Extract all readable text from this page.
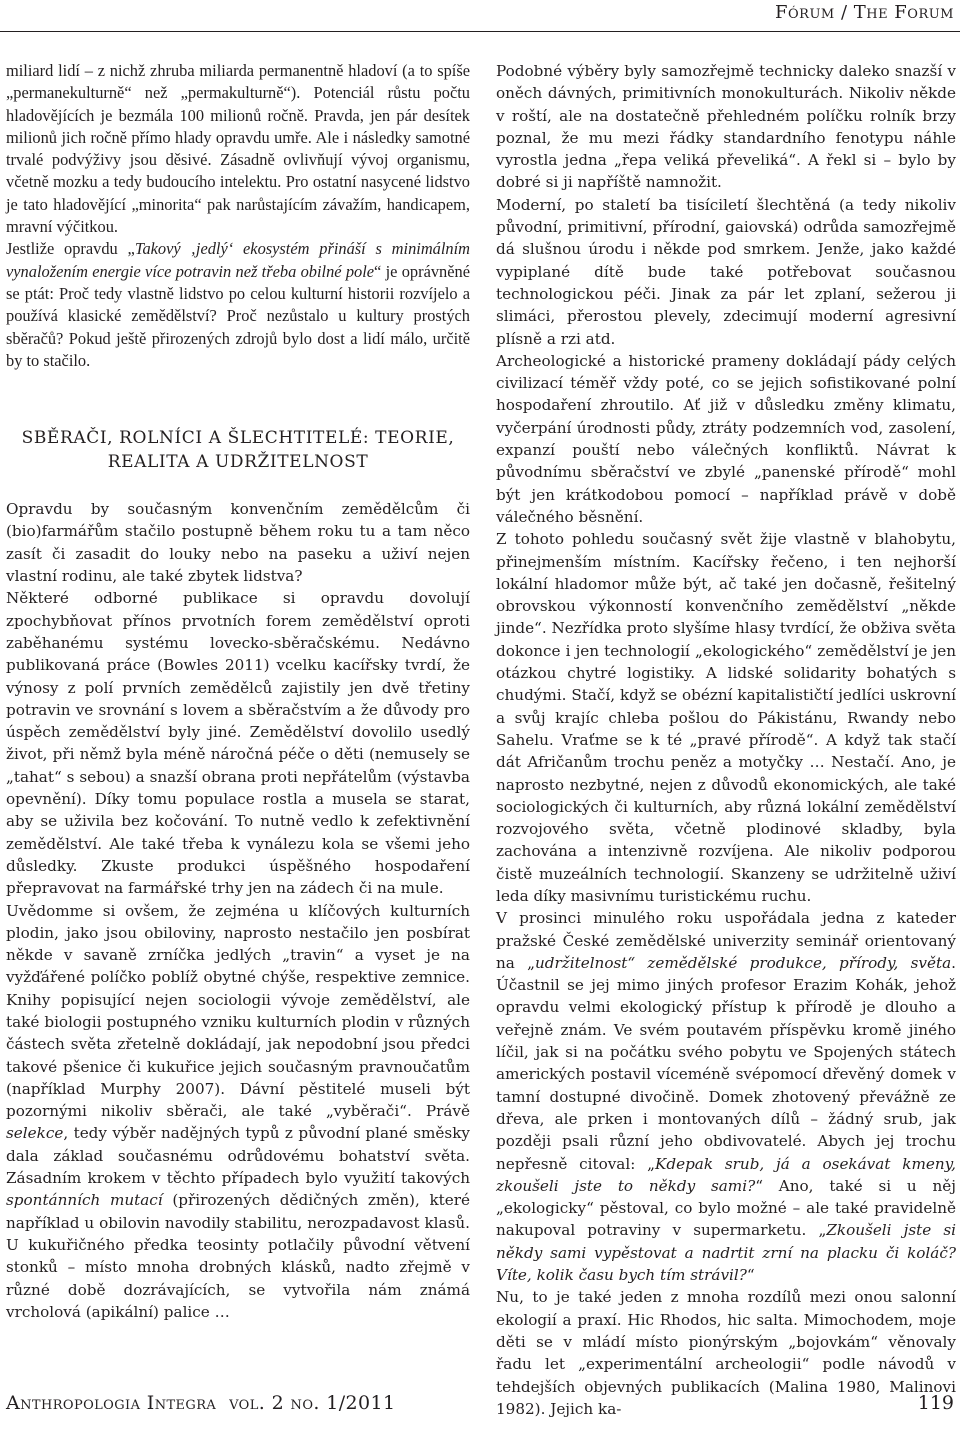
Fórum / The Forum

miliard lidí – z nichž zhruba miliarda permanentně hladoví (a to spíše „permanekulturně“ než „permakulturně“). Potenciál růstu počtu hladovějících je bezmála 100 milionů ročně. Pravda, jen pár desítek milionů jich ročně přímo hlady opravdu umře. Ale i následky samotné trvalé podvýživy jsou děsivé. Zásadně ovlivňují vývoj organismu, včetně mozku a tedy budoucího intelektu. Pro ostatní nasycené lidstvo je tato hladovějící „minorita“ pak narůstajícím závažím, handicapem, mravní výčitkou.

Jestliže opravdu „Takový ‚jedlý‘ ekosystém přináší s minimálním vynaložením energie více potravin než třeba obilné pole“ je oprávněné se ptát: Proč tedy vlastně lidstvo po celou kulturní historii rozvíjelo a používá klasické zemědělství? Proč nezůstalo u kultury prostých sběračů? Pokud ještě přirozených zdrojů bylo dost a lidí málo, určitě by to stačilo.

SBĚRAČI, ROLNÍCI A ŠLECHTITELÉ: TEORIE,
REALITA A UDRŽITELNOST

Opravdu by současným konvenčním zemědělcům či (bio)farmářům stačilo postupně během roku tu a tam něco zasít či zasadit do louky nebo na paseku a uživí nejen vlastní rodinu, ale také zbytek lidstva?

Některé odborné publikace si opravdu dovolují zpochybňovat přínos prvotních forem zemědělství oproti zaběhanému systému lovecko-sběračskému. Nedávno publikovaná práce (Bowles 2011) vcelku kacířsky tvrdí, že výnosy z polí prvních zemědělců zajistily jen dvě třetiny potravin ve srovnání s lovem a sběračstvím a že důvody pro úspěch zemědělství byly jiné. Zemědělství dovolilo usedlý život, při němž byla méně náročná péče o děti (nemusely se „tahat“ s sebou) a snazší obrana proti nepřátelům (výstavba opevnění). Díky tomu populace rostla a musela se starat, aby se uživila bez kočování. To nutně vedlo k zefektivnění zemědělství. Ale také třeba k vynálezu kola se všemi jeho důsledky. Zkuste produkci úspěšného hospodaření přepravovat na farmářské trhy jen na zádech či na mule.

Uvědomme si ovšem, že zejména u klíčových kulturních plodin, jako jsou obiloviny, naprosto nestačilo jen posbírat někde v savaně zrníčka jedlých „travin“ a vyset je na vyžďářené políčko poblíž obytné chýše, respektive zemnice. Knihy popisující nejen sociologii vývoje zemědělství, ale také biologii postupného vzniku kulturních plodin v různých částech světa zřetelně dokládají, jak nepodobní jsou předci takové pšenice či kukuřice jejich současným pravnoučatům (například Murphy 2007). Dávní pěstitelé museli být pozornými nikoliv sběrači, ale také „vyběrači“. Právě selekce, tedy výběr nadějných typů z původní plané směsky dala základ současnému odrůdovému bohatství světa. Zásadním krokem v těchto případech bylo využití takových spontánních mutací (přirozených dědičných změn), které například u obilovin navodily stabilitu, nerozpadavost klasů. U kukuřičného předka teosinty potlačily původní větvení stonků – místo mnoha drobných klásků, nadto zřejmě v různé době dozrávajících, se vytvořila nám známá vrcholová (apikální) palice …

Podobné výběry byly samozřejmě technicky daleko snazší v oněch dávných, primitivních monokulturách. Nikoliv někde v roští, ale na dostatečně přehledném políčku rolník brzy poznal, že mu mezi řádky standardního fenotypu náhle vyrostla jedna „řepa veliká převeliká“. A řekl si – bylo by dobré si ji napříště namnožit.

Moderní, po staletí ba tisíciletí šlechtěná (a tedy nikoliv původní, primitivní, přírodní, gaiovská) odrůda samozřejmě dá slušnou úrodu i někde pod smrkem. Jenže, jako každé vypiplané dítě bude také potřebovat současnou technologickou péči. Jinak za pár let zplaní, sežerou ji slimáci, přerostou plevely, zdecimují moderní agresivní plísně a rzi atd.

Archeologické a historické prameny dokládají pády celých civilizací téměř vždy poté, co se jejich sofistikované polní hospodaření zhroutilo. Ať již v důsledku změny klimatu, vyčerpání úrodnosti půdy, ztráty podzemních vod, zasolení, expanzí pouští nebo válečných konfliktů. Návrat k původnímu sběračství ve zbylé „panenské přírodě“ mohl být jen krátkodobou pomocí – například právě v době válečného běsnění.

Z tohoto pohledu současný svět žije vlastně v blahobytu, přinejmenším místním. Kacířsky řečeno, i ten nejhorší lokální hladomor může být, ač také jen dočasně, řešitelný obrovskou výkonností konvenčního zemědělství „někde jinde“. Nezřídka proto slyšíme hlasy tvrdící, že obživa světa dokonce i jen technologií „ekologického“ zemědělství je jen otázkou chytré logistiky. A lidské solidarity bohatých s chudými. Stačí, když se obézní kapitalističtí jedlíci uskrovní a svůj krajíc chleba pošlou do Pákistánu, Rwandy nebo Sahelu. Vraťme se k té „pravé přírodě“. A když tak stačí dát Afričanům trochu peněz a motyčky … Nestačí. Ano, je naprosto nezbytné, nejen z důvodů ekonomických, ale také sociologických či kulturních, aby různá lokální zemědělství rozvojového světa, včetně plodinové skladby, byla zachována a intenzivně rozvíjena. Ale nikoliv podporou čistě muzeálních technologií. Skanzeny se udržitelně uživí leda díky masivnímu turistickému ruchu.

V prosinci minulého roku uspořádala jedna z kateder pražské České zemědělské univerzity seminář orientovaný na „udržitelnost“ zemědělské produkce, přírody, světa. Účastnil se jej mimo jiných profesor Erazim Kohák, jehož opravdu velmi ekologický přístup k přírodě je dlouho a veřejně znám. Ve svém poutavém příspěvku kromě jiného líčil, jak si na počátku svého pobytu ve Spojených státech amerických postavil víceméně svépomocí dřevěný domek v tamní dostupné divočině. Domek zhotovený převážně ze dřeva, ale prken i montovaných dílů – žádný srub, jak později psali různí jeho obdivovatelé. Abych jej trochu nepřesně citoval: „Kdepak srub, já a osekávat kmeny, zkoušeli jste to někdy sami?“ Ano, také si u něj „ekologicky“ pěstoval, co bylo možné – ale také pravidelně nakupoval potraviny v supermarketu. „Zkoušeli jste si někdy sami vypěstovat a nadrtit zrní na placku či koláč? Víte, kolik času bych tím strávil?“

Nu, to je také jeden z mnoha rozdílů mezi onou salonní ekologií a praxí. Hic Rhodos, hic salta. Mimochodem, moje děti se v mládí místo pionýrským „bojovkám“ věnovaly řadu let „experimentální archeologii“ podle návodů v tehdejších objevných publikacích (Malina 1980, Malinovi 1982). Jejich ka-

Anthropologia Integra vol. 2 no. 1/2011	119
